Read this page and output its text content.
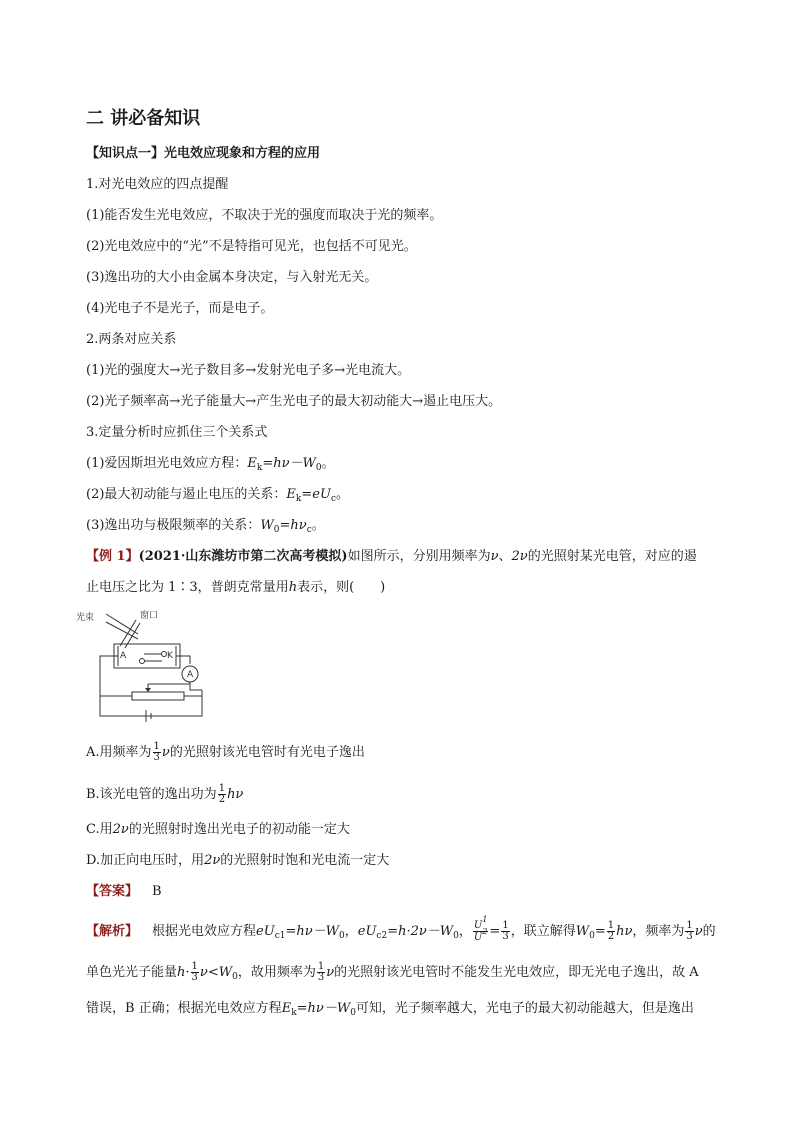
二 讲必备知识
【知识点一】光电效应现象和方程的应用
1.对光电效应的四点提醒
(1)能否发生光电效应，不取决于光的强度而取决于光的频率。
(2)光电效应中的“光”不是特指可见光，也包括不可见光。
(3)逸出功的大小由金属本身决定，与入射光无关。
(4)光电子不是光子，而是电子。
2.两条对应关系
(1)光的强度大→光子数目多→发射光电子多→光电流大。
(2)光子频率高→光子能量大→产生光电子的最大初动能大→遏止电压大。
3.定量分析时应抓住三个关系式
(1)爱因斯坦光电效应方程：$E_k=h\nu-W_0$。
(2)最大初动能与遏止电压的关系：$E_k=eU_c$。
(3)逸出功与极限频率的关系：$W_0=h\nu_c$。
【例 1】(2021·山东潍坊市第二次高考模拟)如图所示，分别用频率为ν、2ν的光照射某光电管，对应的遏
止电压之比为 1∶3，普朗克常量用h表示，则(　　)
光束	窗口
A	K
A
A.用频率为 $\frac{1}{3}$ ν的光照射该光电管时有光电子逸出
B.该光电管的逸出功为 $\frac{1}{2}$ hν
C.用2ν的光照射时逸出光电子的初动能一定大
D.加正向电压时，用2ν的光照射时饱和光电流一定大
【答案】 B
【解析】 根据光电效应方程$eU_{c1}=h\nu-W_0$，$eU_{c2}=h\cdot 2\nu-W_0$， $\frac{U^1}{U^2} = \frac{1}{3}$ ，联立解得$W_0= \frac{1}{2}$ hν，频率为 $\frac{1}{3}$ ν的
单色光光子能量$h\cdot \frac{1}{3} \nu<W_0$，故用频率为 $\frac{1}{3}$ ν的光照射该光电管时不能发生光电效应，即无光电子逸出，故 A
错误，B 正确；根据光电效应方程$E_k=h\nu-W_0$可知，光子频率越大，光电子的最大初动能越大，但是逸出
